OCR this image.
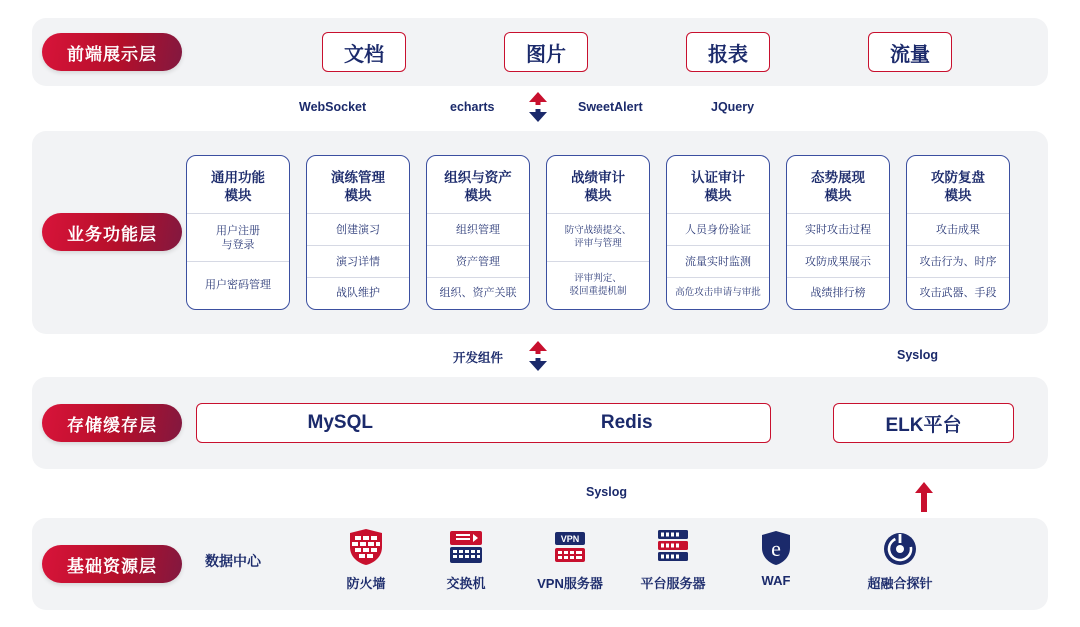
前端展示层	文档	图片	报表	流量
WebSocket	echarts	SweetAlert	JQuery
业务功能层
通用功能
模块
用户注册
与登录
用户密码管理
演练管理
模块
创建演习
演习详情
战队维护
组织与资产
模块
组织管理
资产管理
组织、资产关联
战绩审计
模块
防守战绩提交、
评审与管理
评审判定、
驳回重提机制
认证审计
模块
人员身份验证
流量实时监测
高危攻击申请与审批
态势展现
模块
实时攻击过程
攻防成果展示
战绩排行榜
攻防复盘
模块
攻击成果
攻击行为、时序
攻击武器、手段
开发组件	Syslog
存储缓存层	MySQL	Redis	ELK平台
Syslog
基础资源层	数据中心
防火墙	交换机
VPN
VPN服务器	平台服务器
e
WAF	超融合探针
